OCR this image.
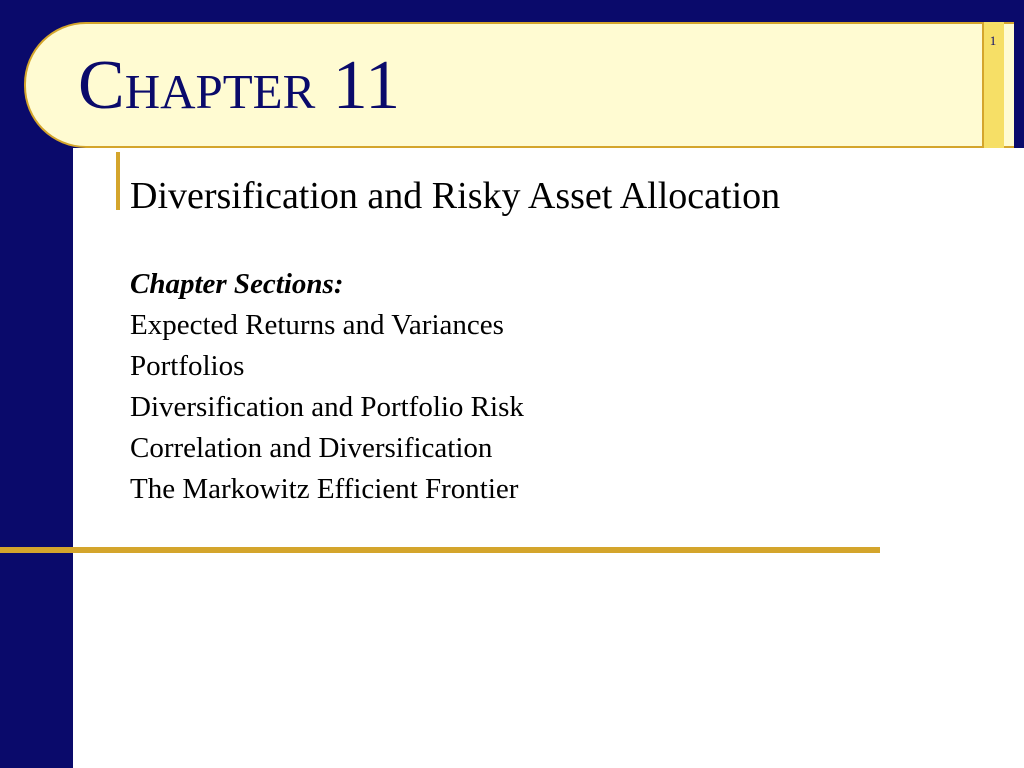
Chapter 11
1
Diversification and Risky Asset Allocation
Chapter Sections:
Expected Returns and Variances
Portfolios
Diversification and Portfolio Risk
Correlation and Diversification
The Markowitz Efficient Frontier
